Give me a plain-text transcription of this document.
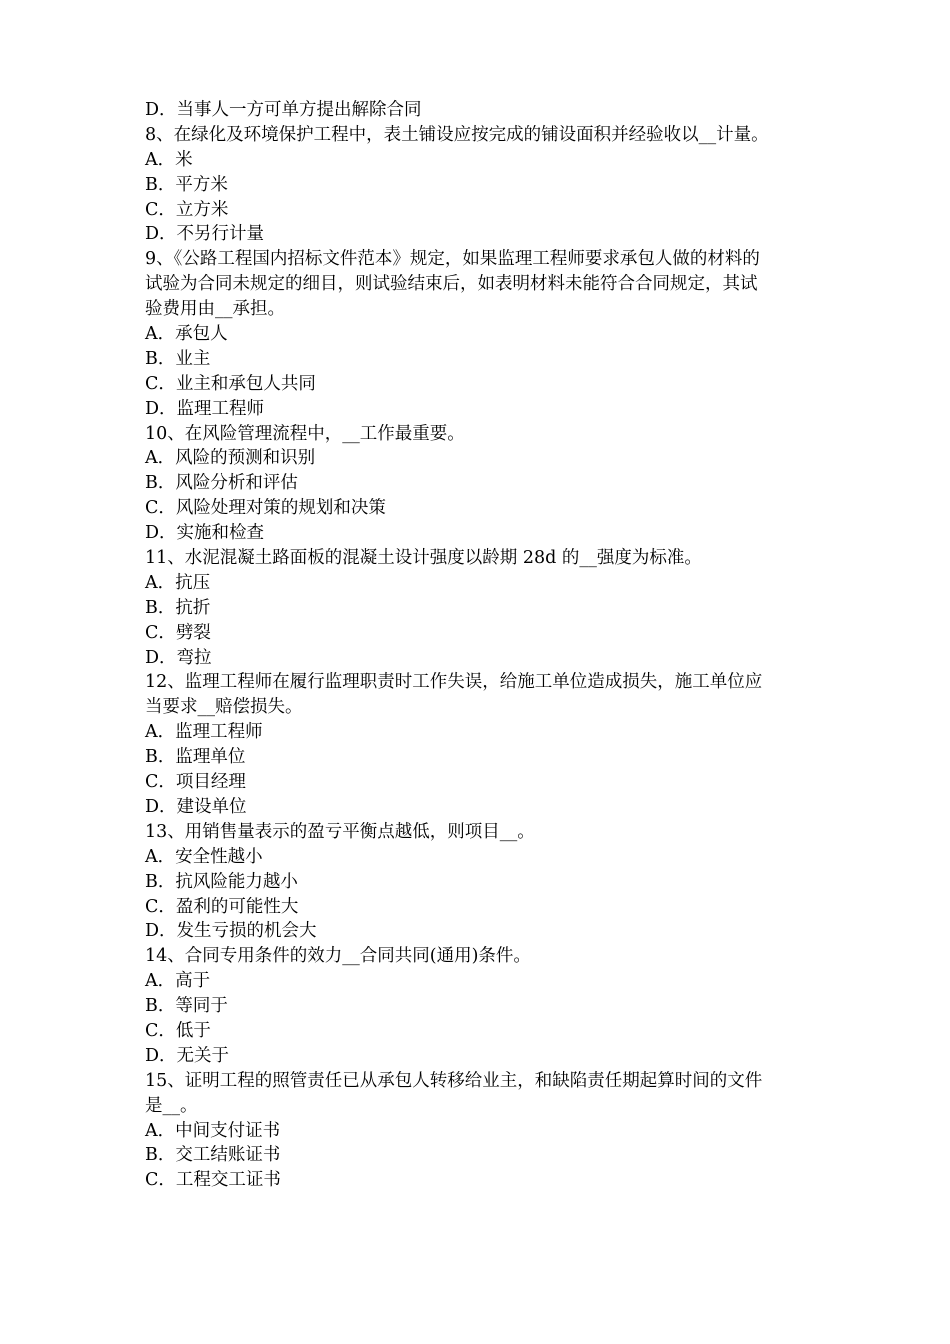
D．当事人一方可单方提出解除合同
8、在绿化及环境保护工程中，表土铺设应按完成的铺设面积并经验收以__计量。
A．米
B．平方米
C．立方米
D．不另行计量
9、《公路工程国内招标文件范本》规定，如果监理工程师要求承包人做的材料的
试验为合同未规定的细目，则试验结束后，如表明材料未能符合合同规定，其试
验费用由__承担。
A．承包人
B．业主
C．业主和承包人共同
D．监理工程师
10、在风险管理流程中，__工作最重要。
A．风险的预测和识别
B．风险分析和评估
C．风险处理对策的规划和决策
D．实施和检查
11、水泥混凝土路面板的混凝土设计强度以龄期 28d 的__强度为标准。
A．抗压
B．抗折
C．劈裂
D．弯拉
12、监理工程师在履行监理职责时工作失误，给施工单位造成损失，施工单位应
当要求__赔偿损失。
A．监理工程师
B．监理单位
C．项目经理
D．建设单位
13、用销售量表示的盈亏平衡点越低，则项目__。
A．安全性越小
B．抗风险能力越小
C．盈利的可能性大
D．发生亏损的机会大
14、合同专用条件的效力__合同共同(通用)条件。
A．高于
B．等同于
C．低于
D．无关于
15、证明工程的照管责任已从承包人转移给业主，和缺陷责任期起算时间的文件
是__。
A．中间支付证书
B．交工结账证书
C．工程交工证书
